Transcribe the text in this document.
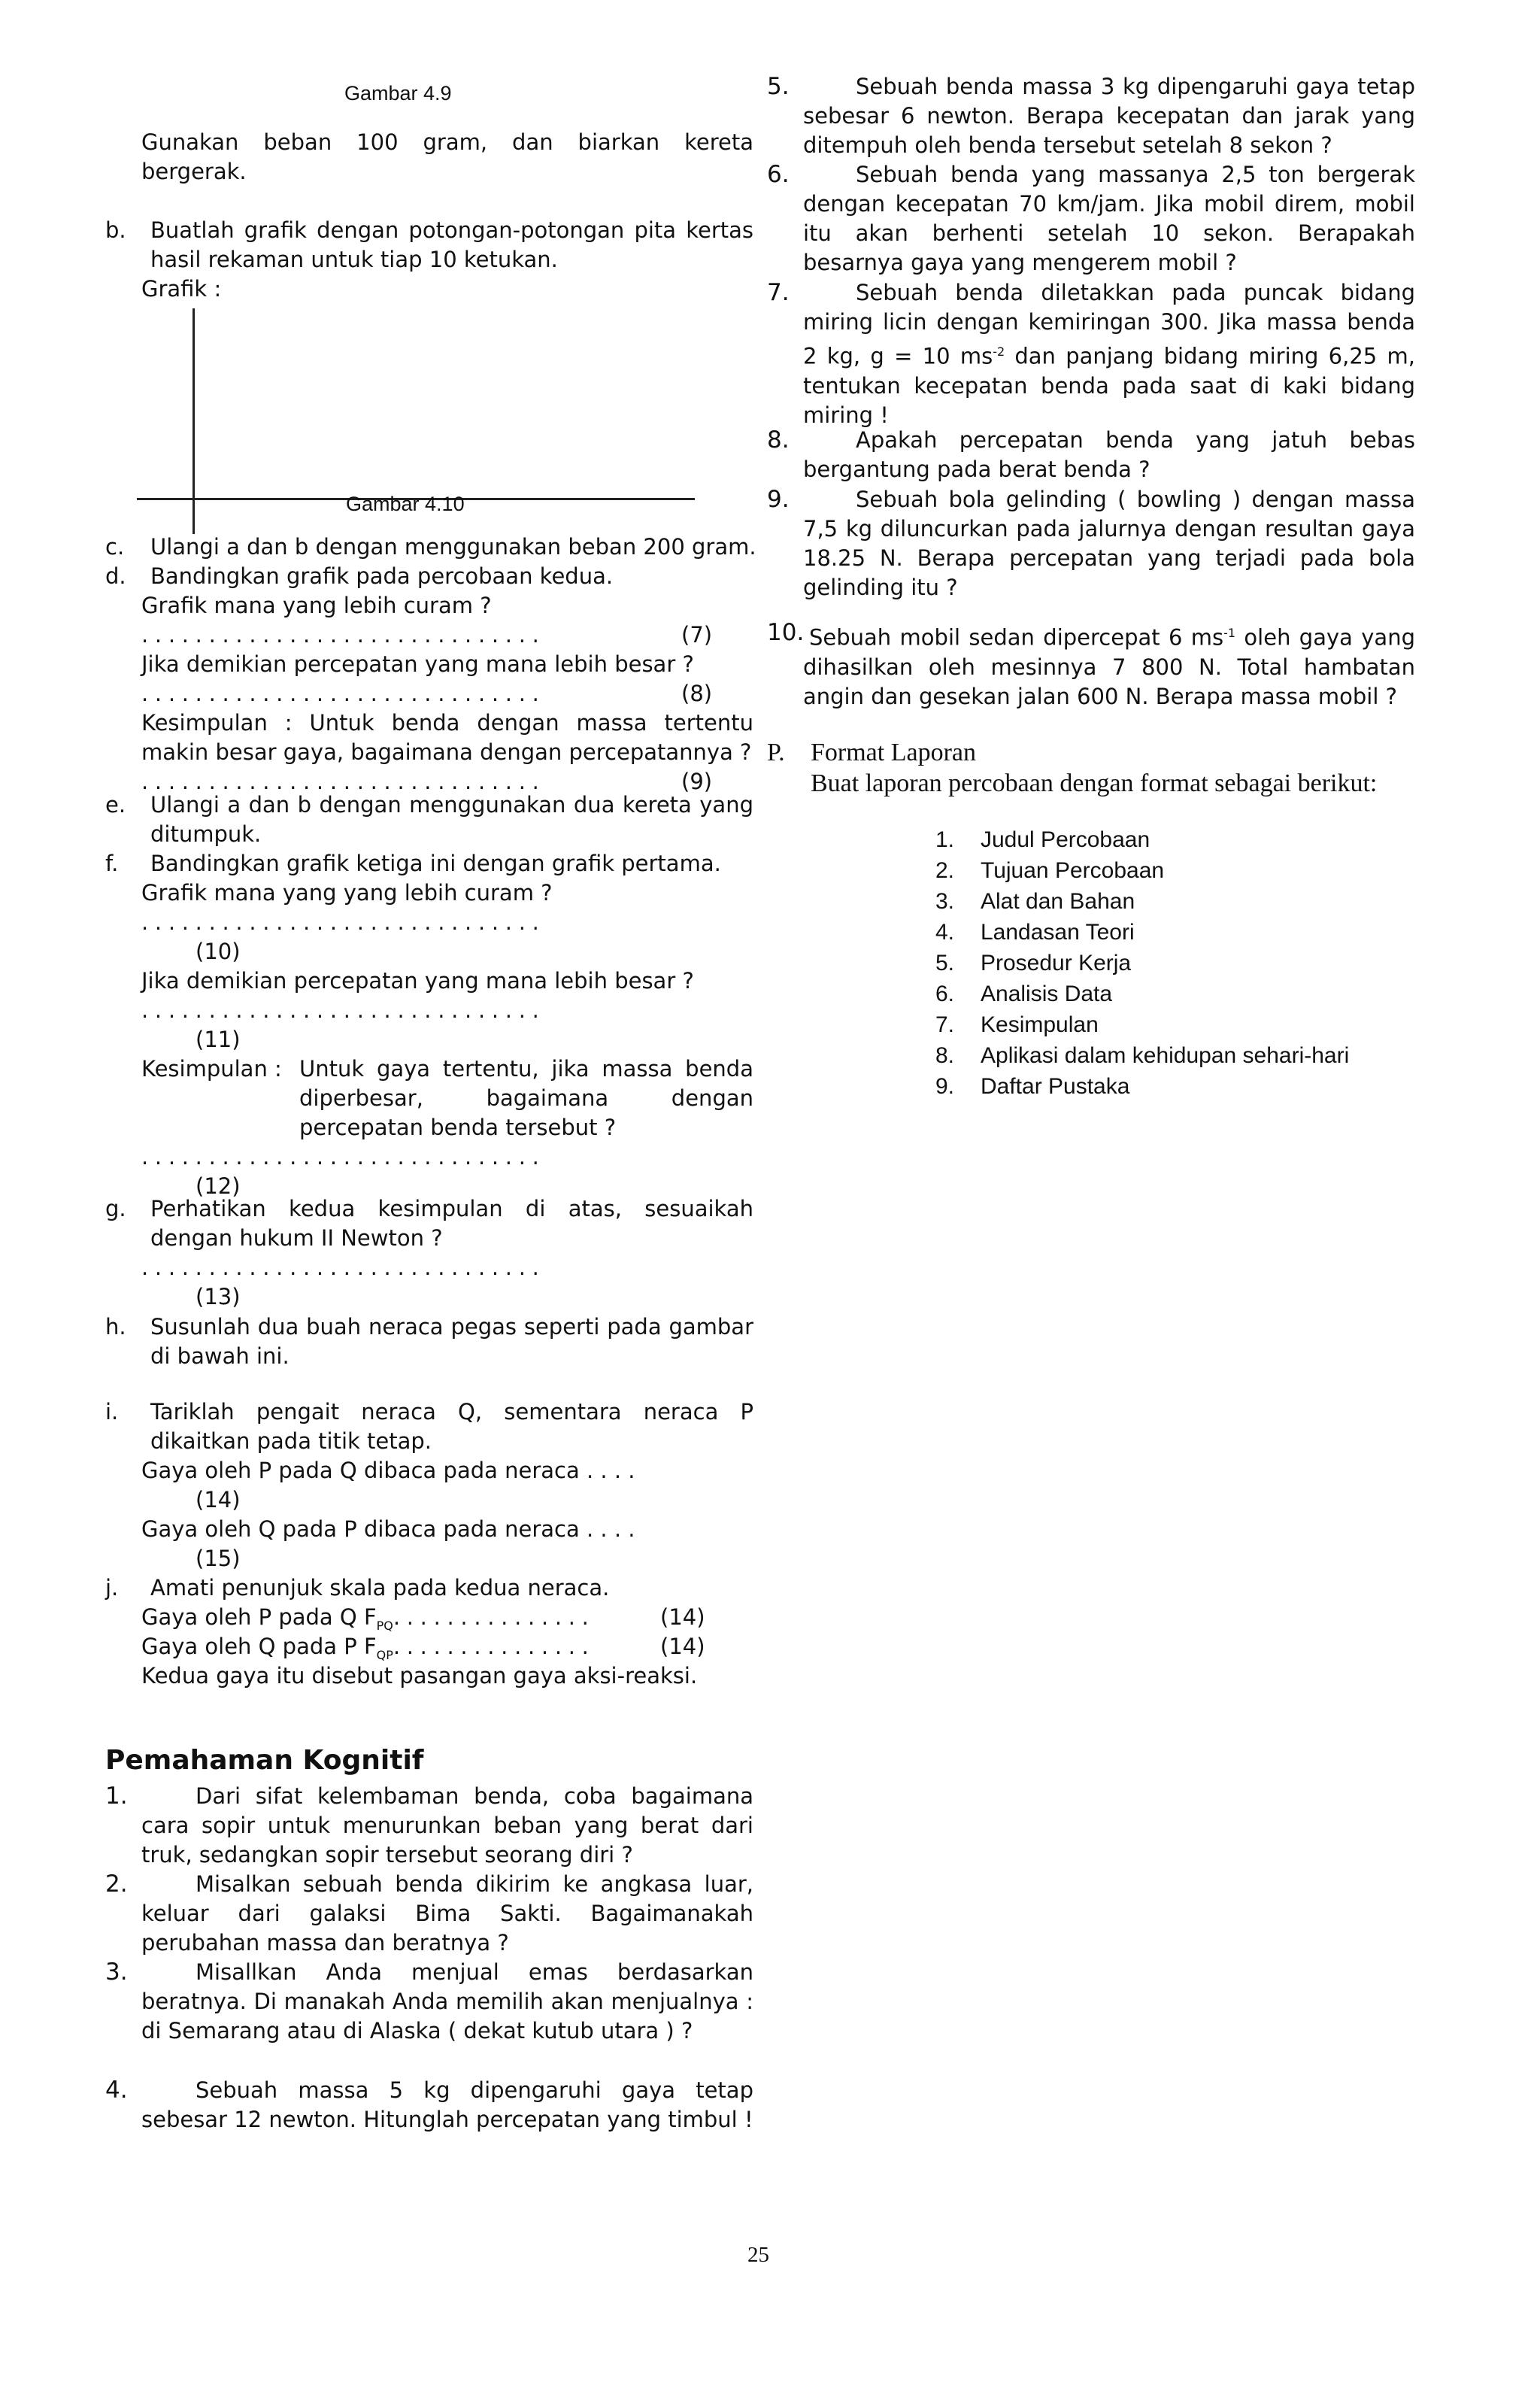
Gambar 4.9
Gunakan beban 100 gram, dan biarkan kereta bergerak.
b. Buatlah grafik dengan potongan-potongan pita kertas hasil rekaman untuk tiap 10 ketukan.
Grafik :
Gambar 4.10
c. Ulangi a dan b dengan menggunakan beban 200 gram.
d. Bandingkan grafik pada percobaan kedua.
Grafik mana yang lebih curam ?
..............................	(7)
Jika demikian percepatan yang mana lebih besar ?
..............................	(8)
Kesimpulan : Untuk benda dengan massa tertentu makin besar gaya, bagaimana dengan percepatannya ?
..............................	(9)
e. Ulangi a dan b dengan menggunakan dua kereta yang ditumpuk.
f. Bandingkan grafik ketiga ini dengan grafik pertama.
Grafik mana yang yang lebih curam ?
..............................
(10)
Jika demikian percepatan yang mana lebih besar ?
..............................
(11)
Kesimpulan : Untuk gaya tertentu, jika massa benda diperbesar, bagaimana dengan percepatan benda tersebut ?
..............................
(12)
g. Perhatikan kedua kesimpulan di atas, sesuaikah dengan hukum II Newton ?
..............................
(13)
h. Susunlah dua buah neraca pegas seperti pada gambar di bawah ini.
i. Tariklah pengait neraca Q, sementara neraca P dikaitkan pada titik tetap.
Gaya oleh P pada Q dibaca pada neraca . . . .
(14)
Gaya oleh Q pada P dibaca pada neraca . . . .
(15)
j. Amati penunjuk skala pada kedua neraca.
Gaya oleh P pada Q $F_{PQ}$...............	(14)
Gaya oleh Q pada P $F_{QP}$...............	(14)
Kedua gaya itu disebut pasangan gaya aksi-reaksi.
Pemahaman Kognitif
1.	Dari sifat kelembaman benda, coba bagaimana cara sopir untuk menurunkan beban yang berat dari truk, sedangkan sopir tersebut seorang diri ?
2.	Misalkan sebuah benda dikirim ke angkasa luar, keluar dari galaksi Bima Sakti. Bagaimanakah perubahan massa dan beratnya ?
3.	Misallkan Anda menjual emas berdasarkan beratnya. Di manakah Anda memilih akan menjualnya : di Semarang atau di Alaska ( dekat kutub utara ) ?
4.	Sebuah massa 5 kg dipengaruhi gaya tetap sebesar 12 newton. Hitunglah percepatan yang timbul !
5.	Sebuah benda massa 3 kg dipengaruhi gaya tetap sebesar 6 newton. Berapa kecepatan dan jarak yang ditempuh oleh benda tersebut setelah 8 sekon ?
6.	Sebuah benda yang massanya 2,5 ton bergerak dengan kecepatan 70 km/jam. Jika mobil direm, mobil itu akan berhenti setelah 10 sekon. Berapakah besarnya gaya yang mengerem mobil ?
7.	Sebuah benda diletakkan pada puncak bidang miring licin dengan kemiringan 300. Jika massa benda 2 kg, g = 10 $ms^{-2}$ dan panjang bidang miring 6,25 m, tentukan kecepatan benda pada saat di kaki bidang miring !
8.	Apakah percepatan benda yang jatuh bebas bergantung pada berat benda ?
9.	Sebuah bola gelinding ( bowling ) dengan massa 7,5 kg diluncurkan pada jalurnya dengan resultan gaya 18.25 N. Berapa percepatan yang terjadi pada bola gelinding itu ?
10. Sebuah mobil sedan dipercepat 6 $ms^{-1}$ oleh gaya yang dihasilkan oleh mesinnya 7 800 N. Total hambatan angin dan gesekan jalan 600 N. Berapa massa mobil ?
P. Format Laporan
Buat laporan percobaan dengan format sebagai berikut:
1. Judul Percobaan
2. Tujuan Percobaan
3. Alat dan Bahan
4. Landasan Teori
5. Prosedur Kerja
6. Analisis Data
7. Kesimpulan
8. Aplikasi dalam kehidupan sehari-hari
9. Daftar Pustaka
25
